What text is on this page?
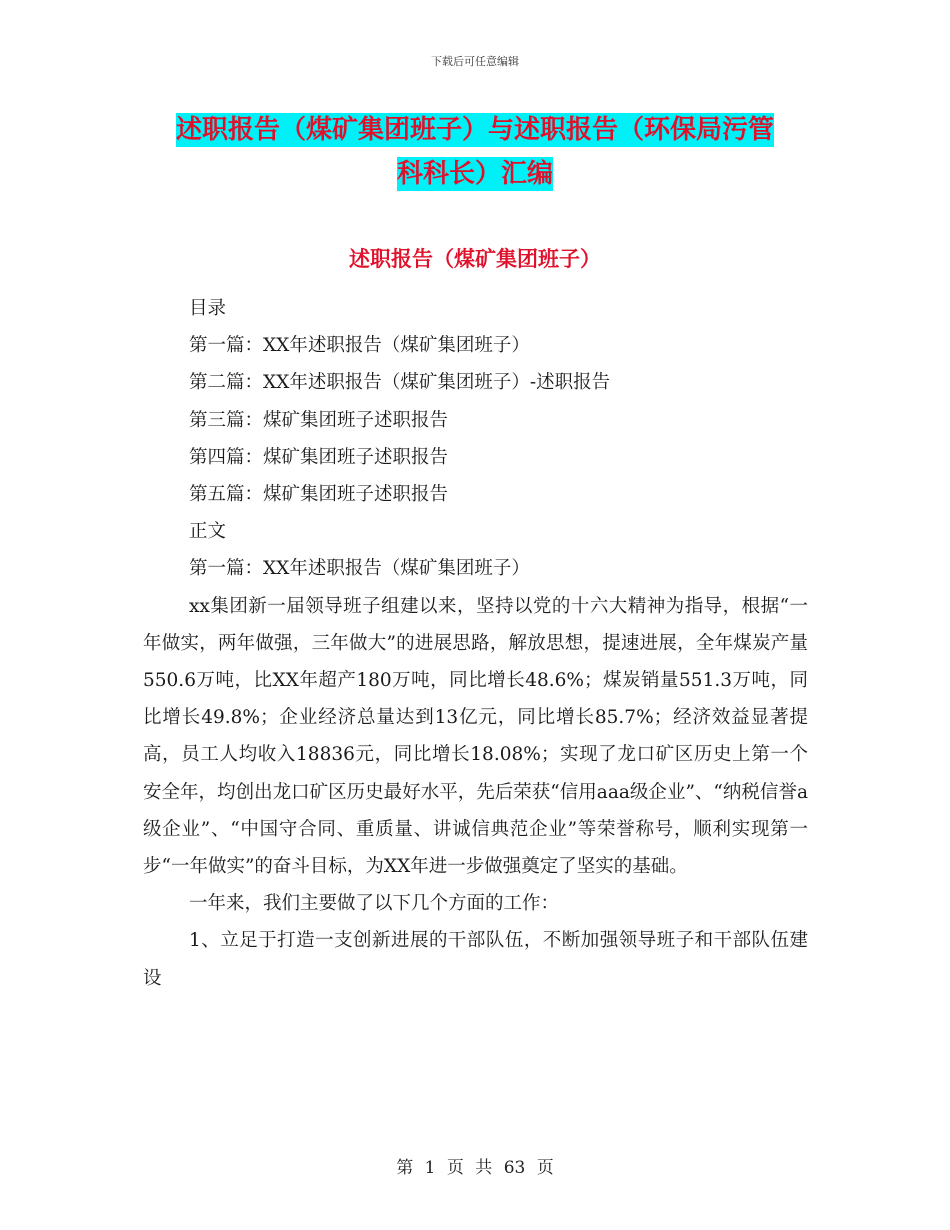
下载后可任意编辑
述职报告（煤矿集团班子）与述职报告（环保局污管
科科长）汇编
述职报告（煤矿集团班子）

目录

第一篇：XX年述职报告（煤矿集团班子）

第二篇：XX年述职报告（煤矿集团班子）-述职报告

第三篇：煤矿集团班子述职报告

第四篇：煤矿集团班子述职报告

第五篇：煤矿集团班子述职报告

正文

第一篇：XX年述职报告（煤矿集团班子）

xx集团新一届领导班子组建以来，坚持以党的十六大精神为指导，根据“一年做实，两年做强，三年做大”的进展思路，解放思想，提速进展，全年煤炭产量550.6万吨，比XX年超产180万吨，同比增长48.6%；煤炭销量551.3万吨，同比增长49.8%；企业经济总量达到13亿元，同比增长85.7%；经济效益显著提高，员工人均收入18836元，同比增长18.08%；实现了龙口矿区历史上第一个安全年，均创出龙口矿区历史最好水平，先后荣获“信用aaa级企业”、“纳税信誉a级企业”、“中国守合同、重质量、讲诚信典范企业”等荣誉称号，顺利实现第一步“一年做实”的奋斗目标，为XX年进一步做强奠定了坚实的基础。

一年来，我们主要做了以下几个方面的工作：

1、立足于打造一支创新进展的干部队伍，不断加强领导班子和干部队伍建设

第 1 页 共 63 页
